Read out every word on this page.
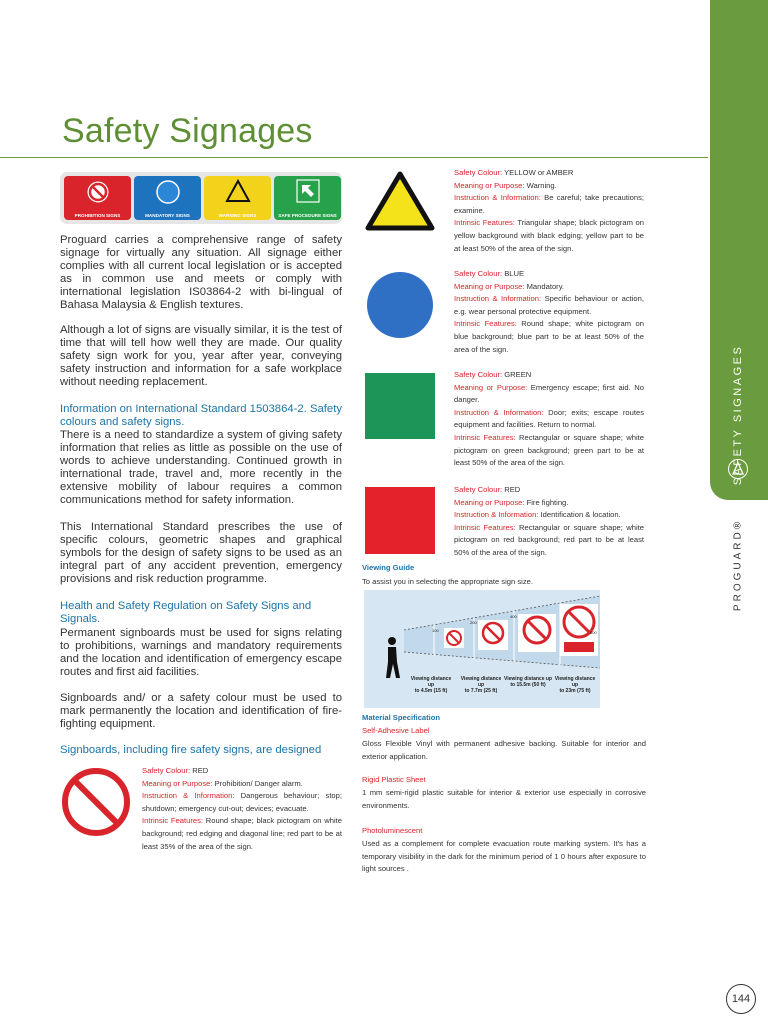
Safety Signages
SAFETY SIGNAGES
PROGUARD®
PROHIBITION SIGNS	MANDATORY SIGNS	WARNING SIGNS	SAFE PROCEDURE SIGNS
Proguard carries a comprehensive range of safety signage for virtually any situation. All signage either complies with all current local legislation or is accepted as in common use and meets or comply with international legislation IS03864-2 with bi-lingual of Bahasa Malaysia & English textures.
Although a lot of signs are visually similar, it is the test of time that will tell how well they are made. Our quality safety sign work for you, year after year, conveying safety instruction and information for a safe workplace without needing replacement.
Information on International Standard 1503864-2. Safety colours and safety signs.
There is a need to standardize a system of giving safety information that relies as little as possible on the use of words to achieve understanding. Continued growth in international trade, travel and, more recently in the extensive mobility of labour requires a common communications method for safety information.
This International Standard prescribes the use of specific colours, geometric shapes and graphical symbols for the design of safety signs to be used as an integral part of any accident prevention, emergency provisions and risk reduction programme.
Health and Safety Regulation on Safety Signs and Signals.
Permanent signboards must be used for signs relating to prohibitions, warnings and mandatory requirements and the location and identification of emergency escape routes and first aid facilities.
Signboards and/ or a safety colour must be used to mark permanently the location and identification of fire-fighting equipment.
Signboards, including fire safety signs, are designed
Safety Colour: RED
Meaning or Purpose: Prohibition/ Danger alarm.
Instruction & Information: Dangerous behaviour; stop; shutdown; emergency cut-out; devices; evacuate.
Intrinsic Features: Round shape; black pictogram on white background; red edging and diagonal line; red part to be at least 35% of the area of the sign.
Safety Colour: YELLOW or AMBER
Meaning or Purpose: Warning.
Instruction & Information: Be careful; take precautions; examine.
Intrinsic Features: Triangular shape; black pictogram on yellow background with black edging; yellow part to be at least 50% of the area of the sign.
Safety Colour: BLUE
Meaning or Purpose: Mandatory.
Instruction & Information: Specific behaviour or action, e.g. wear personal protective equipment.
Intrinsic Features: Round shape; white pictogram on blue background; blue part to be at least 50% of the area of the sign.
Safety Colour: GREEN
Meaning or Purpose: Emergency escape; first aid. No danger.
Instruction & Information: Door; exits; escape routes equipment and facilities. Return to normal.
Intrinsic Features: Rectangular or square shape; white pictogram on green background; green part to be at least 50% of the area of the sign.
Safety Colour: RED
Meaning or Purpose: Fire fighting.
Instruction & Information: Identification & location.
Intrinsic Features: Rectangular or square shape; white pictogram on red background; red part to be at least 50% of the area of the sign.
Viewing Guide
To assist you in selecting the appropriate sign size.
100
200
400
600
Viewing distance up
to 4.5m (15 ft)
Viewing distance up
to 7.7m (25 ft)
Viewing distance up
to 15.5m (50 ft)
Viewing distance up
to 23m (75 ft)
Material Specification
Self-Adhesive Label
Gloss Flexible Vinyl with permanent adhesive backing. Suitable for interior and exterior application.
Rigid Plastic Sheet
1 mm semi-rigid plastic suitable for interior & exterior use especially in corrosive environments.
Photoluminescent
Used as a complement for complete evacuation route marking system. It's has a temporary visibility in the dark for the minimum period of 1 0 hours after exposure to light sources .
144
